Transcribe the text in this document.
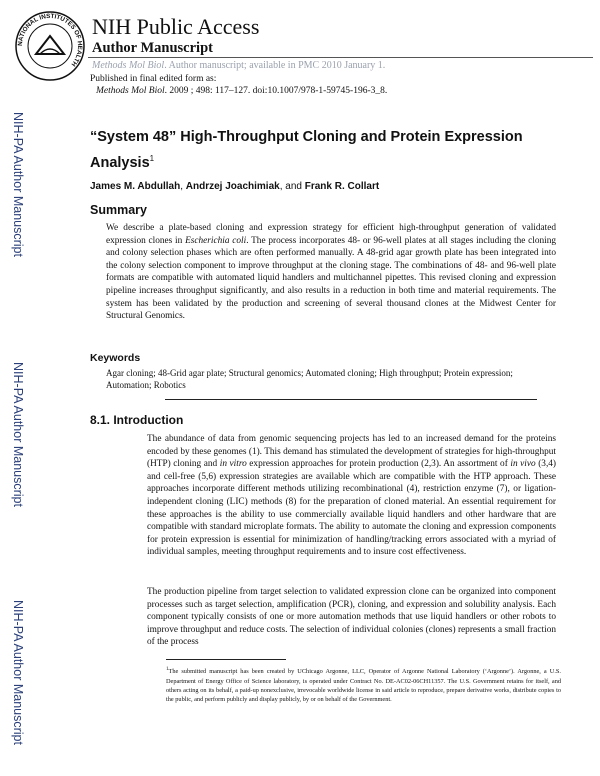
NATIONAL INSTITUTES OF HEALTH
NIH Public Access
Author Manuscript
Methods Mol Biol. Author manuscript; available in PMC 2010 January 1.
NIH-PA Author Manuscript
NIH-PA Author Manuscript
NIH-PA Author Manuscript
Published in final edited form as:
Methods Mol Biol. 2009 ; 498: 117–127. doi:10.1007/978-1-59745-196-3_8.
“System 48” High-Throughput Cloning and Protein Expression Analysis$^1$
James M. Abdullah, Andrzej Joachimiak, and Frank R. Collart
Summary
We describe a plate-based cloning and expression strategy for efficient high-throughput generation of validated expression clones in Escherichia coli. The process incorporates 48- or 96-well plates at all stages including the cloning and colony selection phases which are often performed manually. A 48-grid agar growth plate has been integrated into the colony selection component to improve throughput at the cloning stage. The combinations of 48- and 96-well plate formats are compatible with automated liquid handlers and multichannel pipettes. This revised cloning and expression pipeline increases throughput significantly, and also results in a reduction in both time and material requirements. The system has been validated by the production and screening of several thousand clones at the Midwest Center for Structural Genomics.
Keywords
Agar cloning; 48-Grid agar plate; Structural genomics; Automated cloning; High throughput; Protein expression; Automation; Robotics
8.1. Introduction
The abundance of data from genomic sequencing projects has led to an increased demand for the proteins encoded by these genomes (1). This demand has stimulated the development of strategies for high-throughput (HTP) cloning and in vitro expression approaches for protein production (2,3). An assortment of in vivo (3,4) and cell-free (5,6) expression strategies are available which are compatible with the HTP approach. These approaches incorporate different methods utilizing recombinational (4), restriction enzyme (7), or ligation-independent cloning (LIC) methods (8) for the preparation of cloned material. An essential requirement for these approaches is the ability to use commercially available liquid handlers and other hardware that are compatible with standard microplate formats. The ability to automate the cloning and expression components for protein expression is essential for minimization of handling/tracking errors associated with a myriad of individual samples, meeting throughput requirements and to insure cost effectiveness.
The production pipeline from target selection to validated expression clone can be organized into component processes such as target selection, amplification (PCR), cloning, and expression and solubility analysis. Each component typically consists of one or more automation methods that use liquid handlers or other robots to improve throughput and reduce costs. The selection of individual colonies (clones) represents a small fraction of the process
$^1$The submitted manuscript has been created by UChicago Argonne, LLC, Operator of Argonne National Laboratory (‘Argonne’). Argonne, a U.S. Department of Energy Office of Science laboratory, is operated under Contract No. DE-AC02-06CH11357. The U.S. Government retains for itself, and others acting on its behalf, a paid-up nonexclusive, irrevocable worldwide license in said article to reproduce, prepare derivative works, distribute copies to the public, and perform publicly and display publicly, by or on behalf of the Government.
